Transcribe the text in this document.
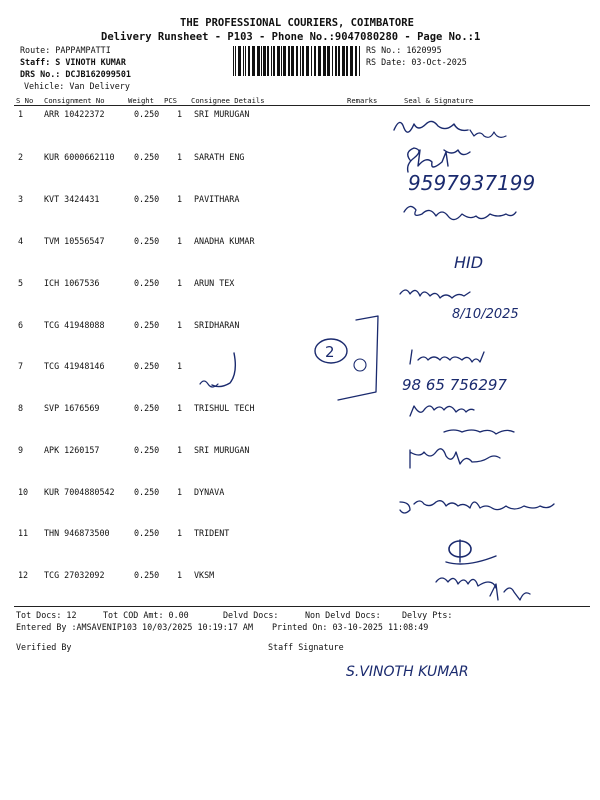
THE PROFESSIONAL COURIERS, COIMBATORE
Delivery Runsheet - P103 - Phone No.:9047080280 - Page No.:1
Route: PAPPAMPATTI
Staff: S VINOTH KUMAR
DRS No.: DCJB162099501
Vehicle: Van Delivery
RS No.: 1620995
RS Date: 03-Oct-2025
S No Consignment No	Weight PCS Consignee Details	Remarks	Seal & Signature
1 ARR 10422372	0.250 1 SRI MURUGAN
2 KUR 6000662110 0.250 1 SARATH ENG
3 KVT 3424431	0.250 1 PAVITHARA
4 TVM 10556547	0.250 1 ANADHA KUMAR
5 ICH 1067536	0.250 1 ARUN TEX
6 TCG 41948088	0.250 1 SRIDHARAN
7 TCG 41948146	0.250 1
8 SVP 1676569	0.250 1 TRISHUL TECH
9 APK 1260157	0.250 1 SRI MURUGAN
10 KUR 7004880542 0.250 1 DYNAVA
11 THN 946873500	0.250 1 TRIDENT
12 TCG 27032092	0.250 1 VKSM
Tot Docs: 12	Tot COD Amt: 0.00	Delvd Docs:	Non Delvd Docs:	Delvy Pts:
Entered By :AMSAVENIP103 10/03/2025 10:19:17 AM Printed On: 03-10-2025 11:08:49
Verified By	Staff Signature
9597937199
HID
8/10/2025
2
98 65 756297
S.VINOTH KUMAR
